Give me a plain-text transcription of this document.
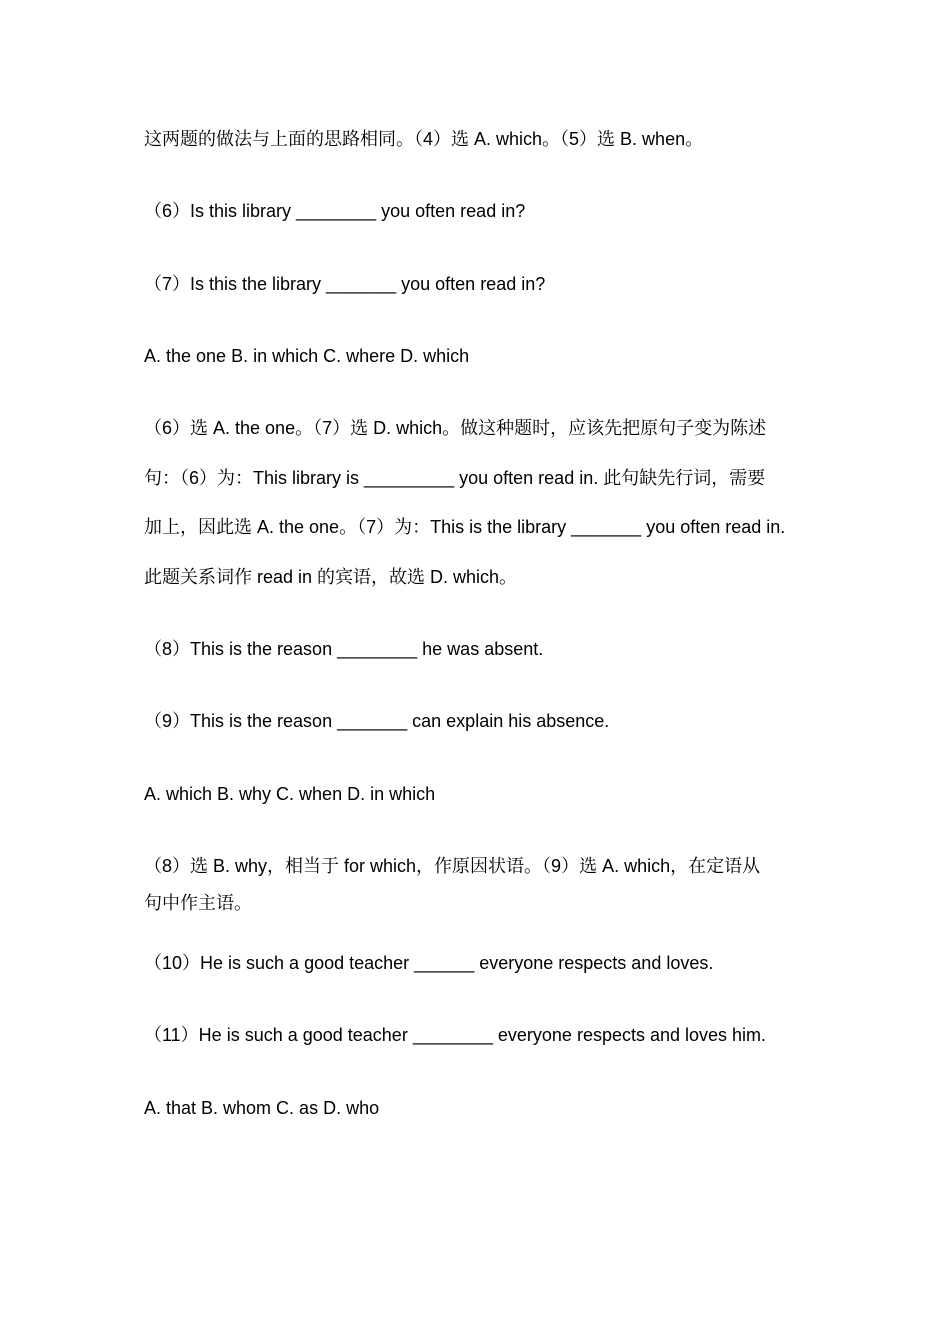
这两题的做法与上面的思路相同。（4）选 A. which。（5）选 B. when。
（6）Is this library ________ you often read in?
（7）Is this the library _______ you often read in?
A. the one B. in which C. where D. which
（6）选 A. the one。（7）选 D. which。做这种题时，应该先把原句子变为陈述
句：（6）为：This library is _________ you often read in. 此句缺先行词，需要
加上，因此选 A. the one。（7）为：This is the library _______ you often read in.
此题关系词作 read in 的宾语，故选 D. which。
（8）This is the reason ________ he was absent.
（9）This is the reason _______ can explain his absence.
A. which B. why C. when D. in which
（8）选 B. why，相当于 for which，作原因状语。（9）选 A. which，在定语从
句中作主语。
（10）He is such a good teacher ______ everyone respects and loves.
（11）He is such a good teacher ________ everyone respects and loves him.
A. that B. whom C. as D. who
